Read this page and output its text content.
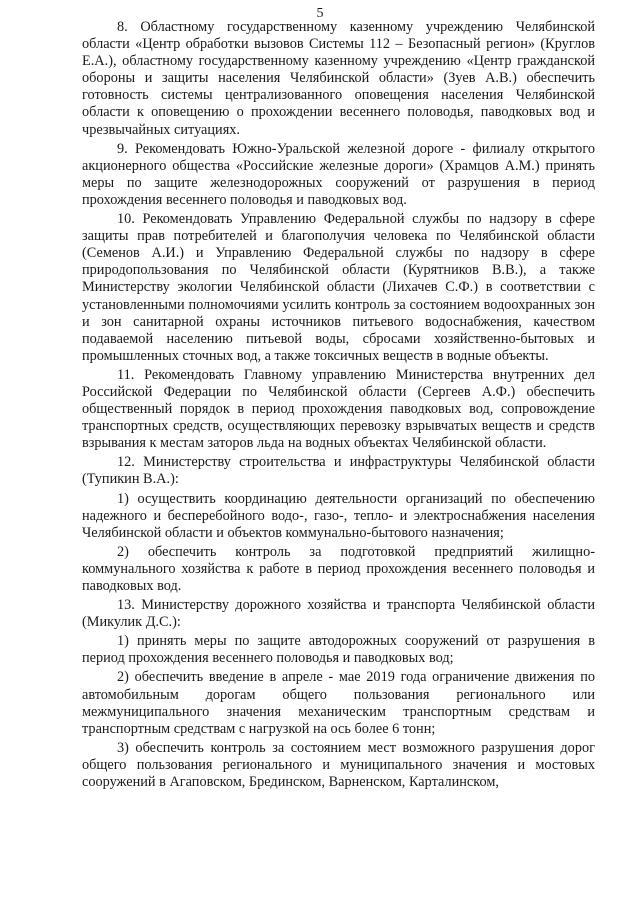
5

8. Областному государственному казенному учреждению Челябинской области «Центр обработки вызовов Системы 112 – Безопасный регион» (Круглов Е.А.), областному государственному казенному учреждению «Центр гражданской обороны и защиты населения Челябинской области» (Зуев А.В.) обеспечить готовность системы централизованного оповещения населения Челябинской области к оповещению о прохождении весеннего половодья, паводковых вод и чрезвычайных ситуациях.

9. Рекомендовать Южно-Уральской железной дороге - филиалу открытого акционерного общества «Российские железные дороги» (Храмцов А.М.) принять меры по защите железнодорожных сооружений от разрушения в период прохождения весеннего половодья и паводковых вод.

10. Рекомендовать Управлению Федеральной службы по надзору в сфере защиты прав потребителей и благополучия человека по Челябинской области (Семенов А.И.) и Управлению Федеральной службы по надзору в сфере природопользования по Челябинской области (Курятников В.В.), а также Министерству экологии Челябинской области (Лихачев С.Ф.) в соответствии с установленными полномочиями усилить контроль за состоянием водоохранных зон и зон санитарной охраны источников питьевого водоснабжения, качеством подаваемой населению питьевой воды, сбросами хозяйственно-бытовых и промышленных сточных вод, а также токсичных веществ в водные объекты.

11. Рекомендовать Главному управлению Министерства внутренних дел Российской Федерации по Челябинской области (Сергеев А.Ф.) обеспечить общественный порядок в период прохождения паводковых вод, сопровождение транспортных средств, осуществляющих перевозку взрывчатых веществ и средств взрывания к местам заторов льда на водных объектах Челябинской области.

12. Министерству строительства и инфраструктуры Челябинской области (Тупикин В.А.):

1) осуществить координацию деятельности организаций по обеспечению надежного и бесперебойного водо-, газо-, тепло- и электроснабжения населения Челябинской области и объектов коммунально-бытового назначения;

2) обеспечить контроль за подготовкой предприятий жилищно-коммунального хозяйства к работе в период прохождения весеннего половодья и паводковых вод.

13. Министерству дорожного хозяйства и транспорта Челябинской области (Микулик Д.С.):

1) принять меры по защите автодорожных сооружений от разрушения в период прохождения весеннего половодья и паводковых вод;

2) обеспечить введение в апреле - мае 2019 года ограничение движения по автомобильным дорогам общего пользования регионального или межмуниципального значения механическим транспортным средствам и транспортным средствам с нагрузкой на ось более 6 тонн;

3) обеспечить контроль за состоянием мест возможного разрушения дорог общего пользования регионального и муниципального значения и мостовых сооружений в Агаповском, Брединском, Варненском, Карталинском,
